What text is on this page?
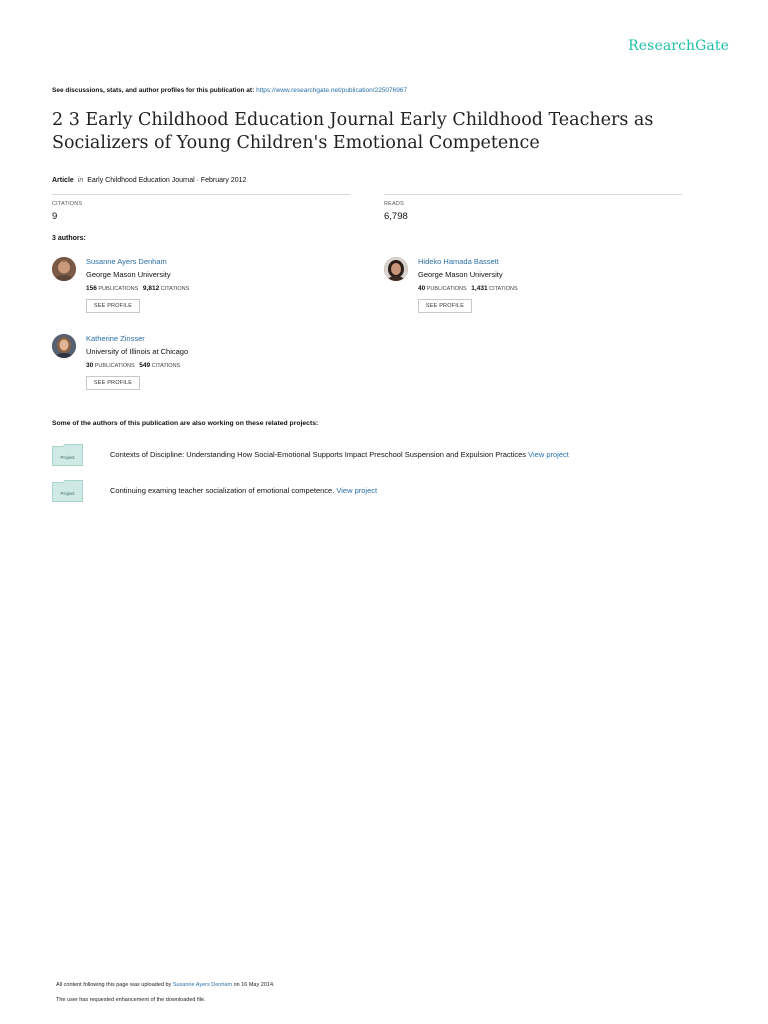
ResearchGate
See discussions, stats, and author profiles for this publication at: https://www.researchgate.net/publication/225076967
2 3 Early Childhood Education Journal Early Childhood Teachers as Socializers of Young Children's Emotional Competence
Article in Early Childhood Education Journal · February 2012
CITATIONS
9
READS
6,798
3 authors:
Susanne Ayers Denham
George Mason University
156 PUBLICATIONS 9,812 CITATIONS
SEE PROFILE
Hideko Hamada Bassett
George Mason University
40 PUBLICATIONS 1,431 CITATIONS
SEE PROFILE
Katherine Zinsser
University of Illinois at Chicago
30 PUBLICATIONS 549 CITATIONS
SEE PROFILE
Some of the authors of this publication are also working on these related projects:
Project	Contexts of Discipline: Understanding How Social-Emotional Supports Impact Preschool Suspension and Expulsion Practices View project
Project	Continuing examing teacher socialization of emotional competence. View project
All content following this page was uploaded by Susanne Ayers Denham on 16 May 2014.
The user has requested enhancement of the downloaded file.
